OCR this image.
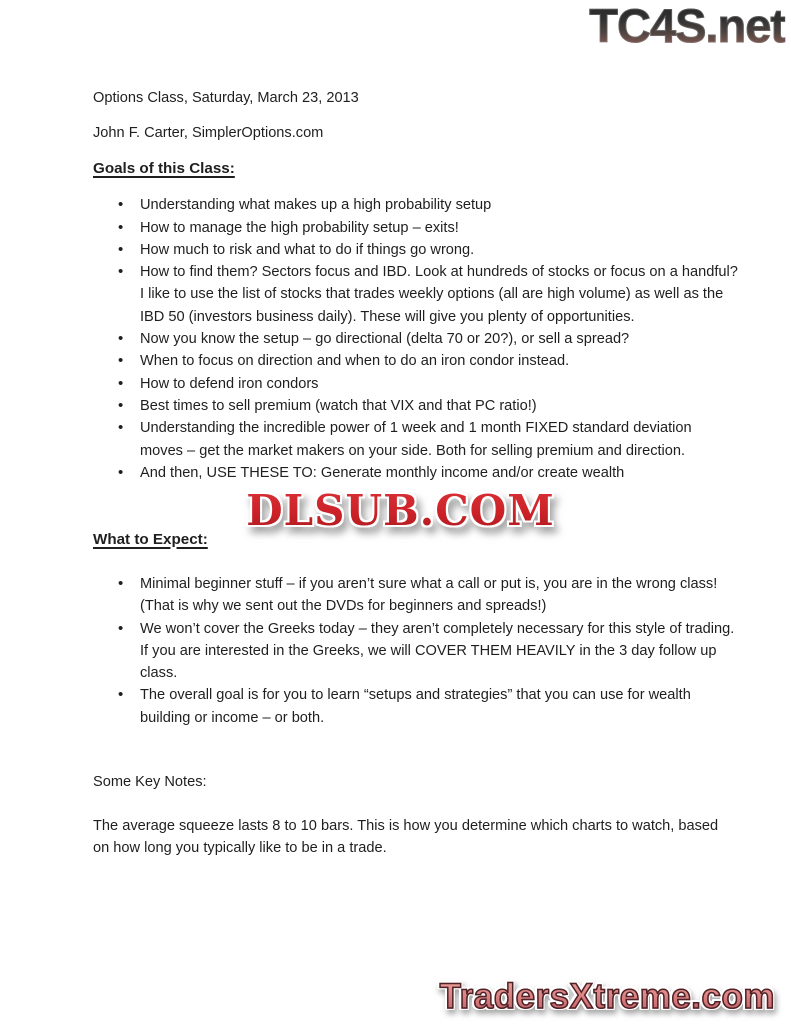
TC4S.net

Options Class, Saturday, March 23, 2013

John F. Carter, SimplerOptions.com

Goals of this Class:
• Understanding what makes up a high probability setup
• How to manage the high probability setup – exits!
• How much to risk and what to do if things go wrong.
• How to find them? Sectors focus and IBD. Look at hundreds of stocks or focus on a handful? I like to use the list of stocks that trades weekly options (all are high volume) as well as the IBD 50 (investors business daily). These will give you plenty of opportunities.
• Now you know the setup – go directional (delta 70 or 20?), or sell a spread?
• When to focus on direction and when to do an iron condor instead.
• How to defend iron condors
• Best times to sell premium (watch that VIX and that PC ratio!)
• Understanding the incredible power of 1 week and 1 month FIXED standard deviation moves – get the market makers on your side. Both for selling premium and direction.
• And then, USE THESE TO: Generate monthly income and/or create wealth
What to Expect:
• Minimal beginner stuff – if you aren’t sure what a call or put is, you are in the wrong class! (That is why we sent out the DVDs for beginners and spreads!)
• We won’t cover the Greeks today – they aren’t completely necessary for this style of trading. If you are interested in the Greeks, we will COVER THEM HEAVILY in the 3 day follow up class.
• The overall goal is for you to learn “setups and strategies” that you can use for wealth building or income – or both.
Some Key Notes:

The average squeeze lasts 8 to 10 bars. This is how you determine which charts to watch, based on how long you typically like to be in a trade.

DLSUB.COM
TradersXtreme.com
